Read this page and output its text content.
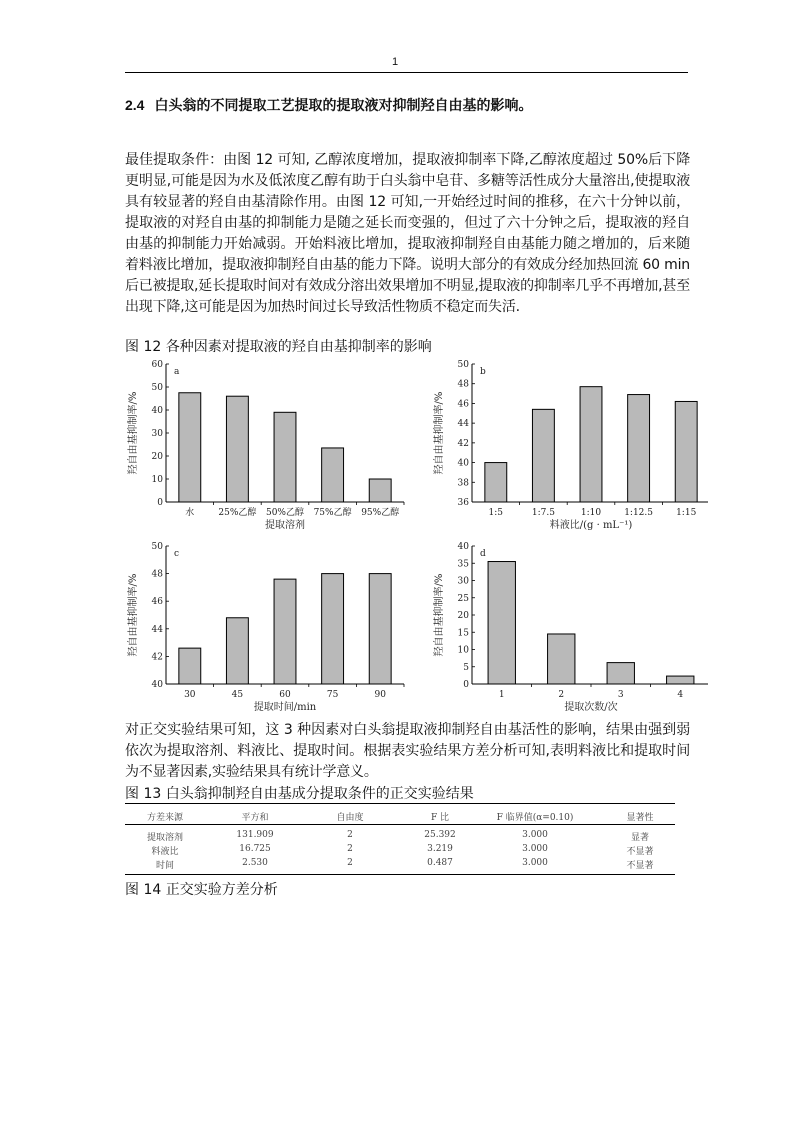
1
2.4 白头翁的不同提取工艺提取的提取液对抑制羟自由基的影响。
最佳提取条件：由图 12 可知, 乙醇浓度增加，提取液抑制率下降,乙醇浓度超过 50%后下降更明显,可能是因为水及低浓度乙醇有助于白头翁中皂苷、多糖等活性成分大量溶出,使提取液具有较显著的羟自由基清除作用。由图 12 可知,一开始经过时间的推移，在六十分钟以前，提取液的对羟自由基的抑制能力是随之延长而变强的，但过了六十分钟之后，提取液的羟自由基的抑制能力开始减弱。开始料液比增加，提取液抑制羟自由基能力随之增加的，后来随着料液比增加，提取液抑制羟自由基的能力下降。说明大部分的有效成分经加热回流 60 min 后已被提取,延长提取时间对有效成分溶出效果增加不明显,提取液的抑制率几乎不再增加,甚至出现下降,这可能是因为加热时间过长导致活性物质不稳定而失活.
图 12 各种因素对提取液的羟自由基抑制率的影响
0
10
20
30
40
50
60
a
水	25%乙醇 50%乙醇 75%乙醇 95%乙醇
提取溶剂
羟自由基抑制率/%
36
38
40
42
44
46
48
50
b
1:5	1:7.5	1:10	1:12.5	1:15
料液比/(g · mL⁻¹)
羟自由基抑制率/%
40
42
44
46
48
50
c
30	45	60	75	90
提取时间/min
羟自由基抑制率/%
0
5
10
15
20
25
30
35
40
d
1	2	3	4
提取次数/次
羟自由基抑制率/%
对正交实验结果可知，这 3 种因素对白头翁提取液抑制羟自由基活性的影响，结果由强到弱依次为提取溶剂、料液比、提取时间。根据表实验结果方差分析可知,表明料液比和提取时间为不显著因素,实验结果具有统计学意义。
图 13 白头翁抑制羟自由基成分提取条件的正交实验结果
方差来源	平方和	自由度	F 比	F 临界值(α=0.10)	显著性
提取溶剂	131.909	2	25.392	3.000	显著
料液比	16.725	2	3.219	3.000	不显著
时间	2.530	2	0.487	3.000	不显著
图 14 正交实验方差分析
